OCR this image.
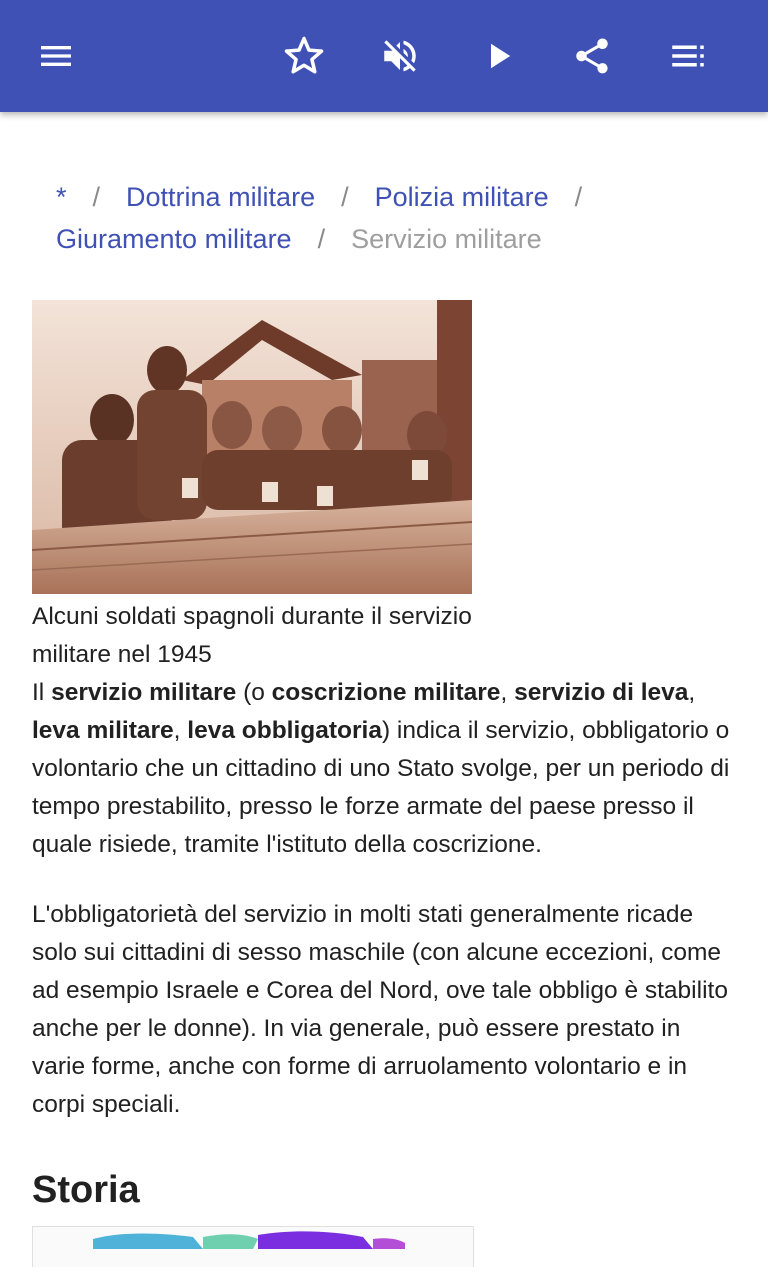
* / Dottrina militare / Polizia militare /
Giuramento militare / Servizio militare
Alcuni soldati spagnoli durante il servizio militare nel 1945

Il servizio militare (o coscrizione militare, servizio di leva, leva militare, leva obbligatoria) indica il servizio, obbligatorio o volontario che un cittadino di uno Stato svolge, per un periodo di tempo prestabilito, presso le forze armate del paese presso il quale risiede, tramite l'istituto della coscrizione.

L'obbligatorietà del servizio in molti stati generalmente ricade solo sui cittadini di sesso maschile (con alcune eccezioni, come ad esempio Israele e Corea del Nord, ove tale obbligo è stabilito anche per le donne). In via generale, può essere prestato in varie forme, anche con forme di arruolamento volontario e in corpi speciali.

Storia
